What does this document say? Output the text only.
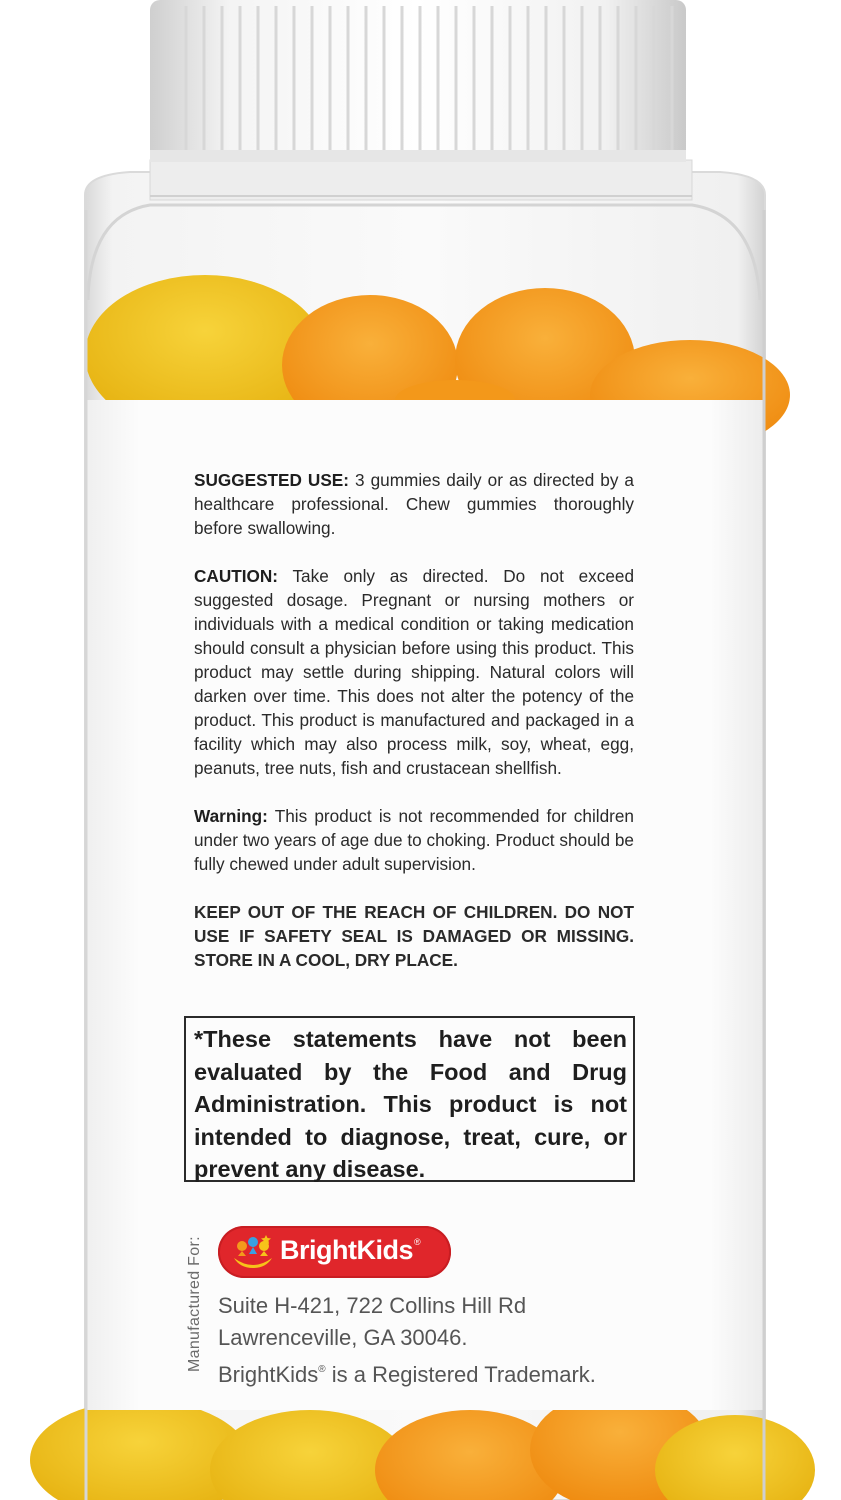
SUGGESTED USE: 3 gummies daily or as directed by a healthcare professional. Chew gummies thoroughly before swallowing.

CAUTION: Take only as directed. Do not exceed suggested dosage. Pregnant or nursing mothers or individuals with a medical condition or taking medication should consult a physician before using this product. This product may settle during shipping. Natural colors will darken over time. This does not alter the potency of the product. This product is manufactured and packaged in a facility which may also process milk, soy, wheat, egg, peanuts, tree nuts, fish and crustacean shellfish.

Warning: This product is not recommended for children under two years of age due to choking. Product should be fully chewed under adult supervision.

KEEP OUT OF THE REACH OF CHILDREN. DO NOT USE IF SAFETY SEAL IS DAMAGED OR MISSING. STORE IN A COOL, DRY PLACE.

*These statements have not been evaluated by the Food and Drug Administration. This product is not intended to diagnose, treat, cure, or prevent any disease.
Manufactured For:	BrightKids®
Suite H-421, 722 Collins Hill Rd
Lawrenceville, GA 30046.
BrightKids® is a Registered Trademark.
